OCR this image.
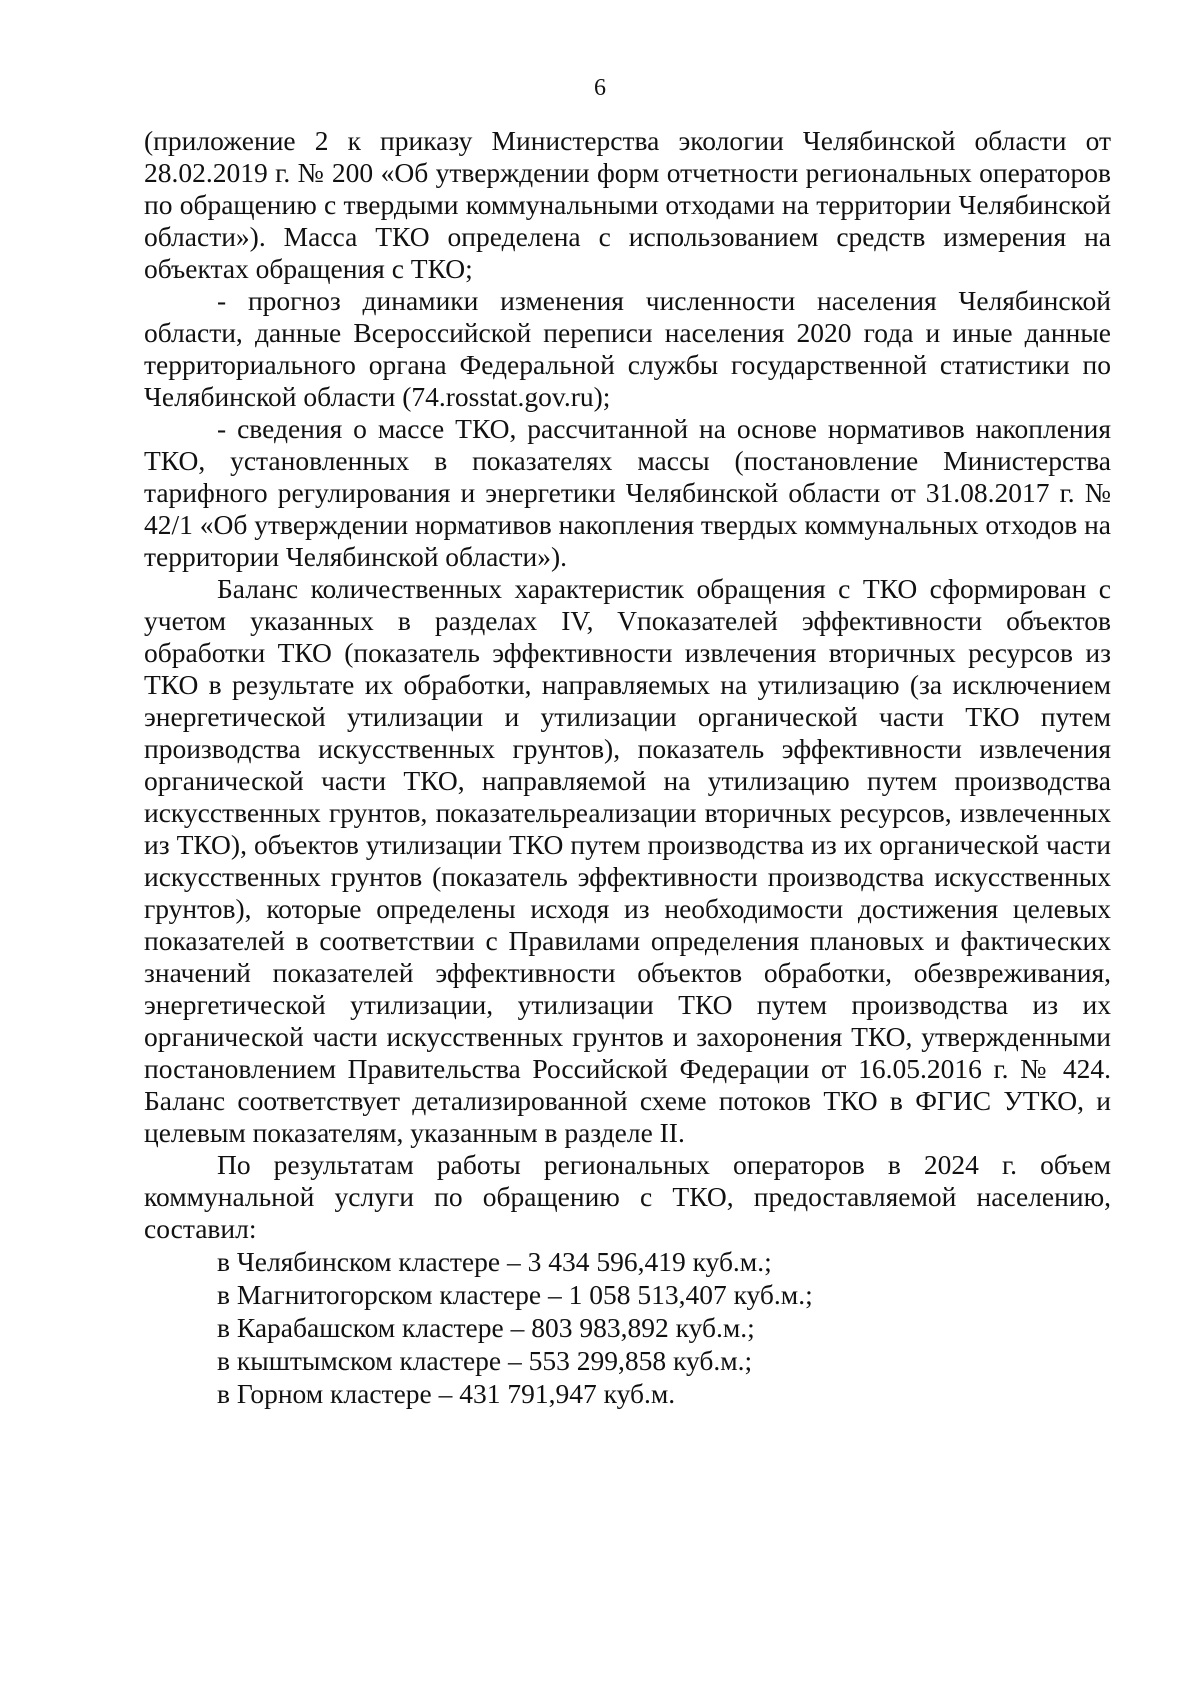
6

(приложение 2 к приказу Министерства экологии Челябинской области от 28.02.2019 г. № 200 «Об утверждении форм отчетности региональных операторов по обращению с твердыми коммунальными отходами на территории Челябинской области»). Масса ТКО определена с использованием средств измерения на объектах обращения с ТКО;

- прогноз динамики изменения численности населения Челябинской области, данные Всероссийской переписи населения 2020 года и иные данные территориального органа Федеральной службы государственной статистики по Челябинской области (74.rosstat.gov.ru);

- сведения о массе ТКО, рассчитанной на основе нормативов накопления ТКО, установленных в показателях массы (постановление Министерства тарифного регулирования и энергетики Челябинской области от 31.08.2017 г. № 42/1 «Об утверждении нормативов накопления твердых коммунальных отходов на территории Челябинской области»).

Баланс количественных характеристик обращения с ТКО сформирован с учетом указанных в разделах IV, Vпоказателей эффективности объектов обработки ТКО (показатель эффективности извлечения вторичных ресурсов из ТКО в результате их обработки, направляемых на утилизацию (за исключением энергетической утилизации и утилизации органической части ТКО путем производства искусственных грунтов), показатель эффективности извлечения органической части ТКО, направляемой на утилизацию путем производства искусственных грунтов, показательреализации вторичных ресурсов, извлеченных из ТКО), объектов утилизации ТКО путем производства из их органической части искусственных грунтов (показатель эффективности производства искусственных грунтов), которые определены исходя из необходимости достижения целевых показателей в соответствии с Правилами определения плановых и фактических значений показателей эффективности объектов обработки, обезвреживания, энергетической утилизации, утилизации ТКО путем производства из их органической части искусственных грунтов и захоронения ТКО, утвержденными постановлением Правительства Российской Федерации от 16.05.2016 г. № 424. Баланс соответствует детализированной схеме потоков ТКО в ФГИС УТКО, и целевым показателям, указанным в разделе II.

По результатам работы региональных операторов в 2024 г. объем коммунальной услуги по обращению с ТКО, предоставляемой населению, составил:

в Челябинском кластере – 3 434 596,419 куб.м.;
в Магнитогорском кластере – 1 058 513,407 куб.м.;
в Карабашском кластере – 803 983,892 куб.м.;
в кыштымском кластере – 553 299,858 куб.м.;
в Горном кластере – 431 791,947 куб.м.
